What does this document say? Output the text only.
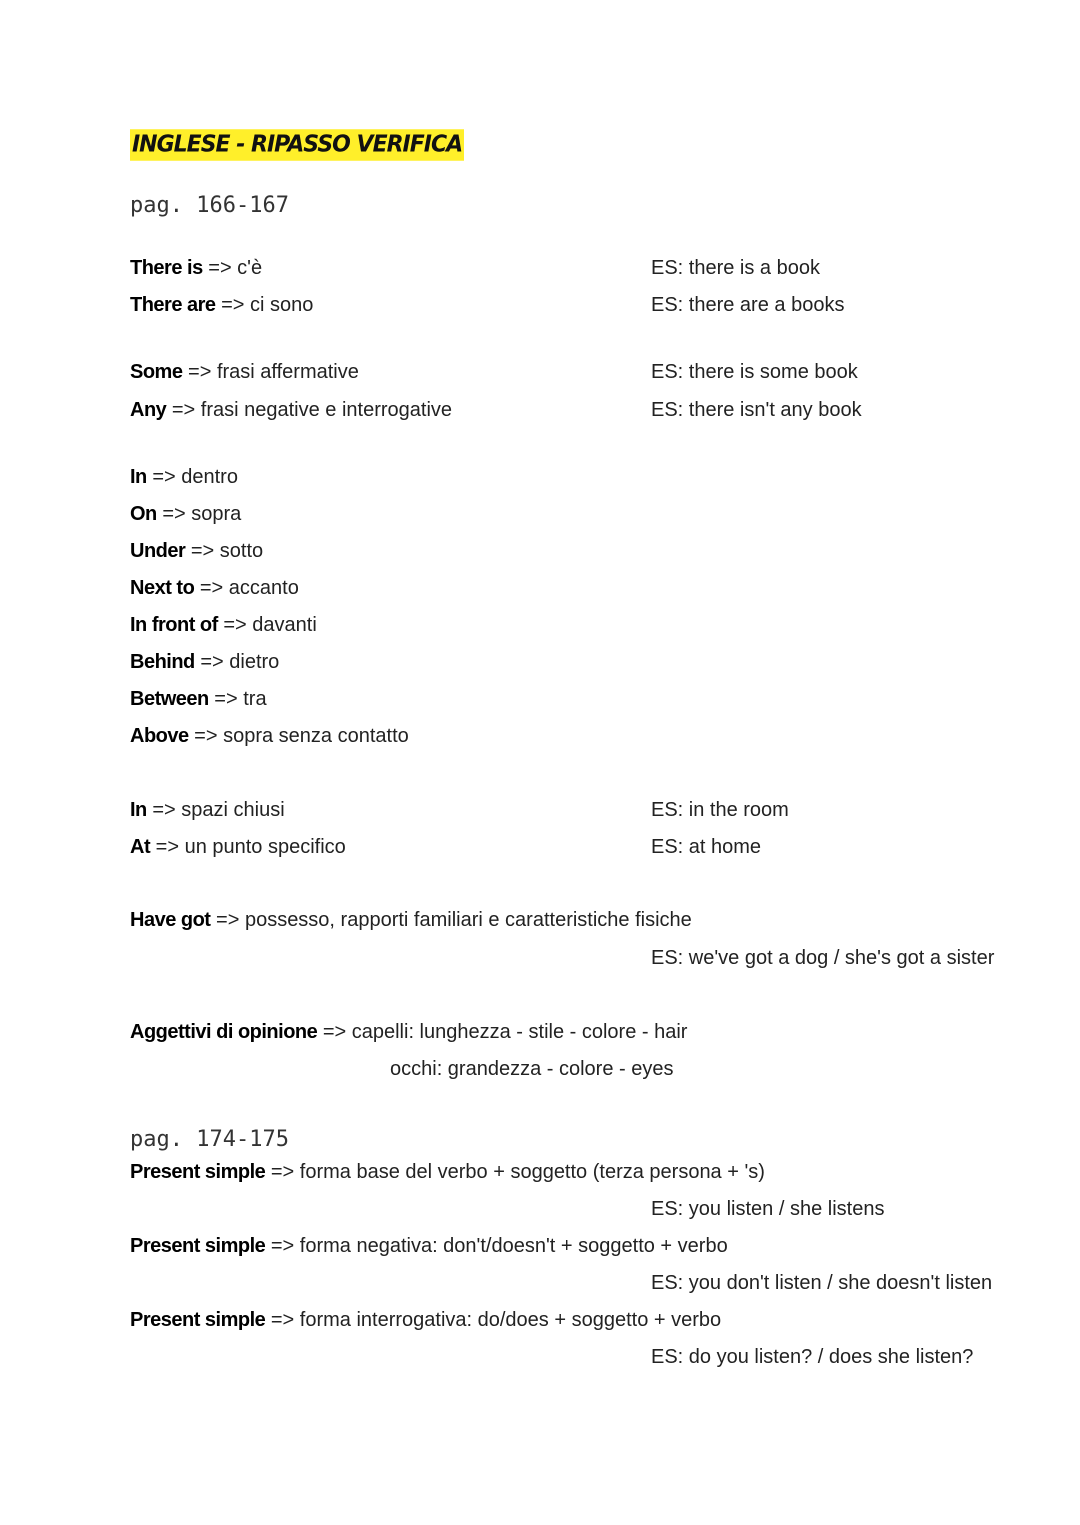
INGLESE - RIPASSO VERIFICA

pag. 166-167

There is => c'è	ES: there is a book

There are => ci sono	ES: there are a books

Some => frasi affermative	ES: there is some book

Any => frasi negative e interrogative	ES: there isn't any book

In => dentro

On => sopra

Under => sotto

Next to => accanto

In front of => davanti

Behind => dietro

Between => tra

Above => sopra senza contatto

In => spazi chiusi	ES: in the room

At => un punto specifico	ES: at home

Have got => possesso, rapporti familiari e caratteristiche fisiche

ES: we've got a dog / she's got a sister

Aggettivi di opinione => capelli: lunghezza - stile - colore - hair

occhi: grandezza - colore - eyes

pag. 174-175

Present simple => forma base del verbo + soggetto (terza persona + 's)

ES: you listen / she listens

Present simple => forma negativa: don't/doesn't + soggetto + verbo

ES: you don't listen / she doesn't listen

Present simple => forma interrogativa: do/does + soggetto + verbo

ES: do you listen? / does she listen?
